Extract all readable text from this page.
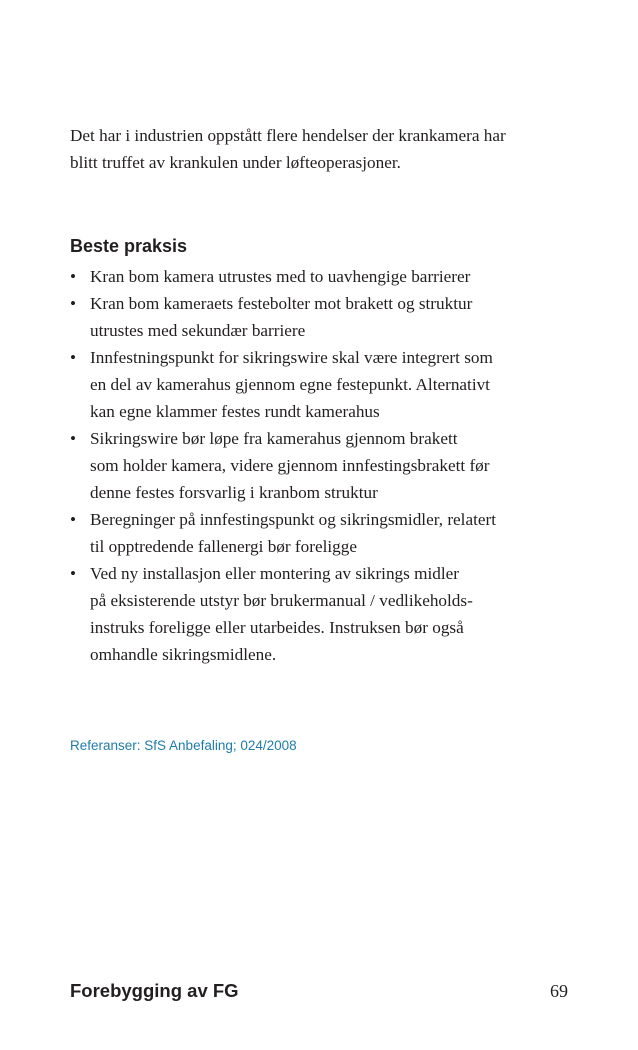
Det har i industrien oppstått flere hendelser der krankamera har
blitt truffet av krankulen under løfteoperasjoner.

Beste praksis
• Kran bom kamera utrustes med to uavhengige barrierer
• Kran bom kameraets festebolter mot brakett og struktur
utrustes med sekundær barriere
• Innfestningspunkt for sikringswire skal være integrert som
en del av kamerahus gjennom egne festepunkt. Alternativt
kan egne klammer festes rundt kamerahus
• Sikringswire bør løpe fra kamerahus gjennom brakett
som holder kamera, videre gjennom innfestingsbrakett før
denne festes forsvarlig i kranbom struktur
• Beregninger på innfestingspunkt og sikringsmidler, relatert
til opptredende fallenergi bør foreligge
• Ved ny installasjon eller montering av sikrings midler
på eksisterende utstyr bør brukermanual / vedlikeholds-
instruks foreligge eller utarbeides. Instruksen bør også
omhandle sikringsmidlene.

Referanser: SfS Anbefaling; 024/2008

Forebygging av FG	69
